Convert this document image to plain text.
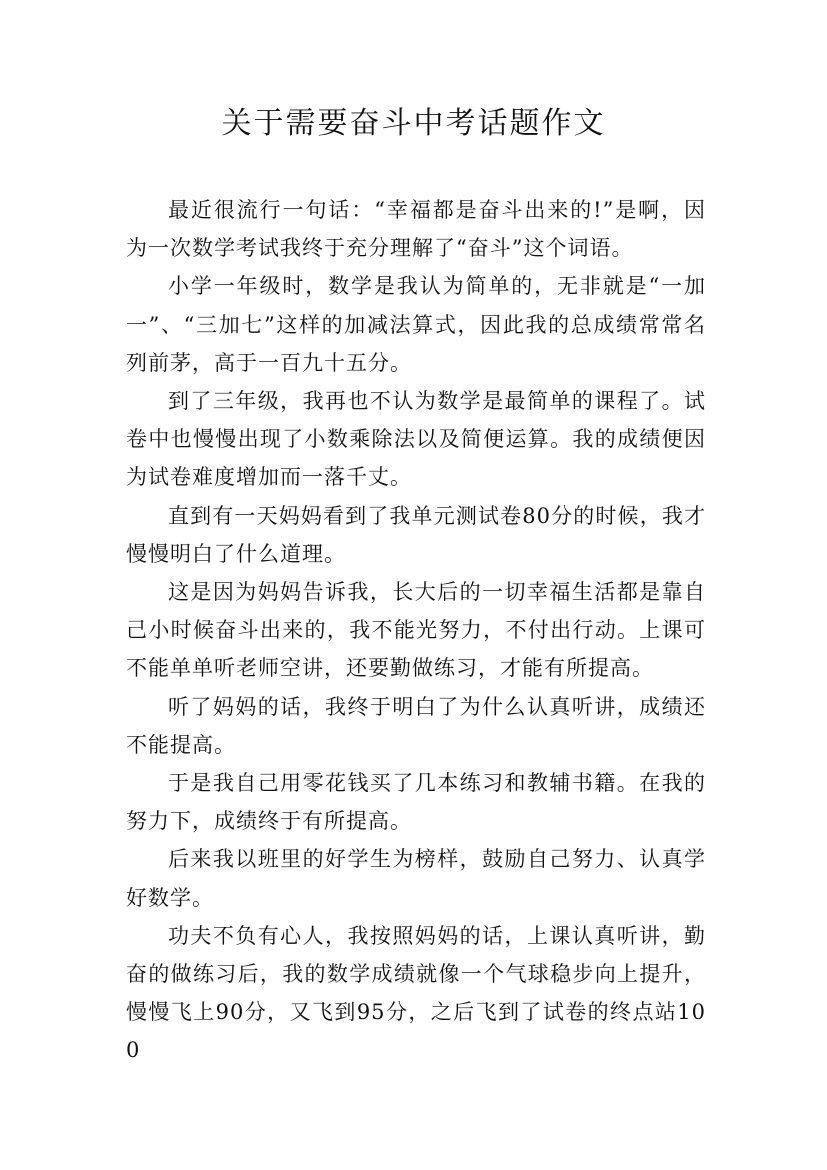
关于需要奋斗中考话题作文

最近很流行一句话：“幸福都是奋斗出来的!”是啊，因为一次数学考试我终于充分理解了“奋斗”这个词语。

小学一年级时，数学是我认为简单的，无非就是“一加一”、“三加七”这样的加减法算式，因此我的总成绩常常名列前茅，高于一百九十五分。

到了三年级，我再也不认为数学是最简单的课程了。试卷中也慢慢出现了小数乘除法以及简便运算。我的成绩便因为试卷难度增加而一落千丈。

直到有一天妈妈看到了我单元测试卷80分的时候，我才慢慢明白了什么道理。

这是因为妈妈告诉我，长大后的一切幸福生活都是靠自己小时候奋斗出来的，我不能光努力，不付出行动。上课可不能单单听老师空讲，还要勤做练习，才能有所提高。

听了妈妈的话，我终于明白了为什么认真听讲，成绩还不能提高。

于是我自己用零花钱买了几本练习和教辅书籍。在我的努力下，成绩终于有所提高。

后来我以班里的好学生为榜样，鼓励自己努力、认真学好数学。

功夫不负有心人，我按照妈妈的话，上课认真听讲，勤奋的做练习后，我的数学成绩就像一个气球稳步向上提升，慢慢飞上90分，又飞到95分，之后飞到了试卷的终点站100
